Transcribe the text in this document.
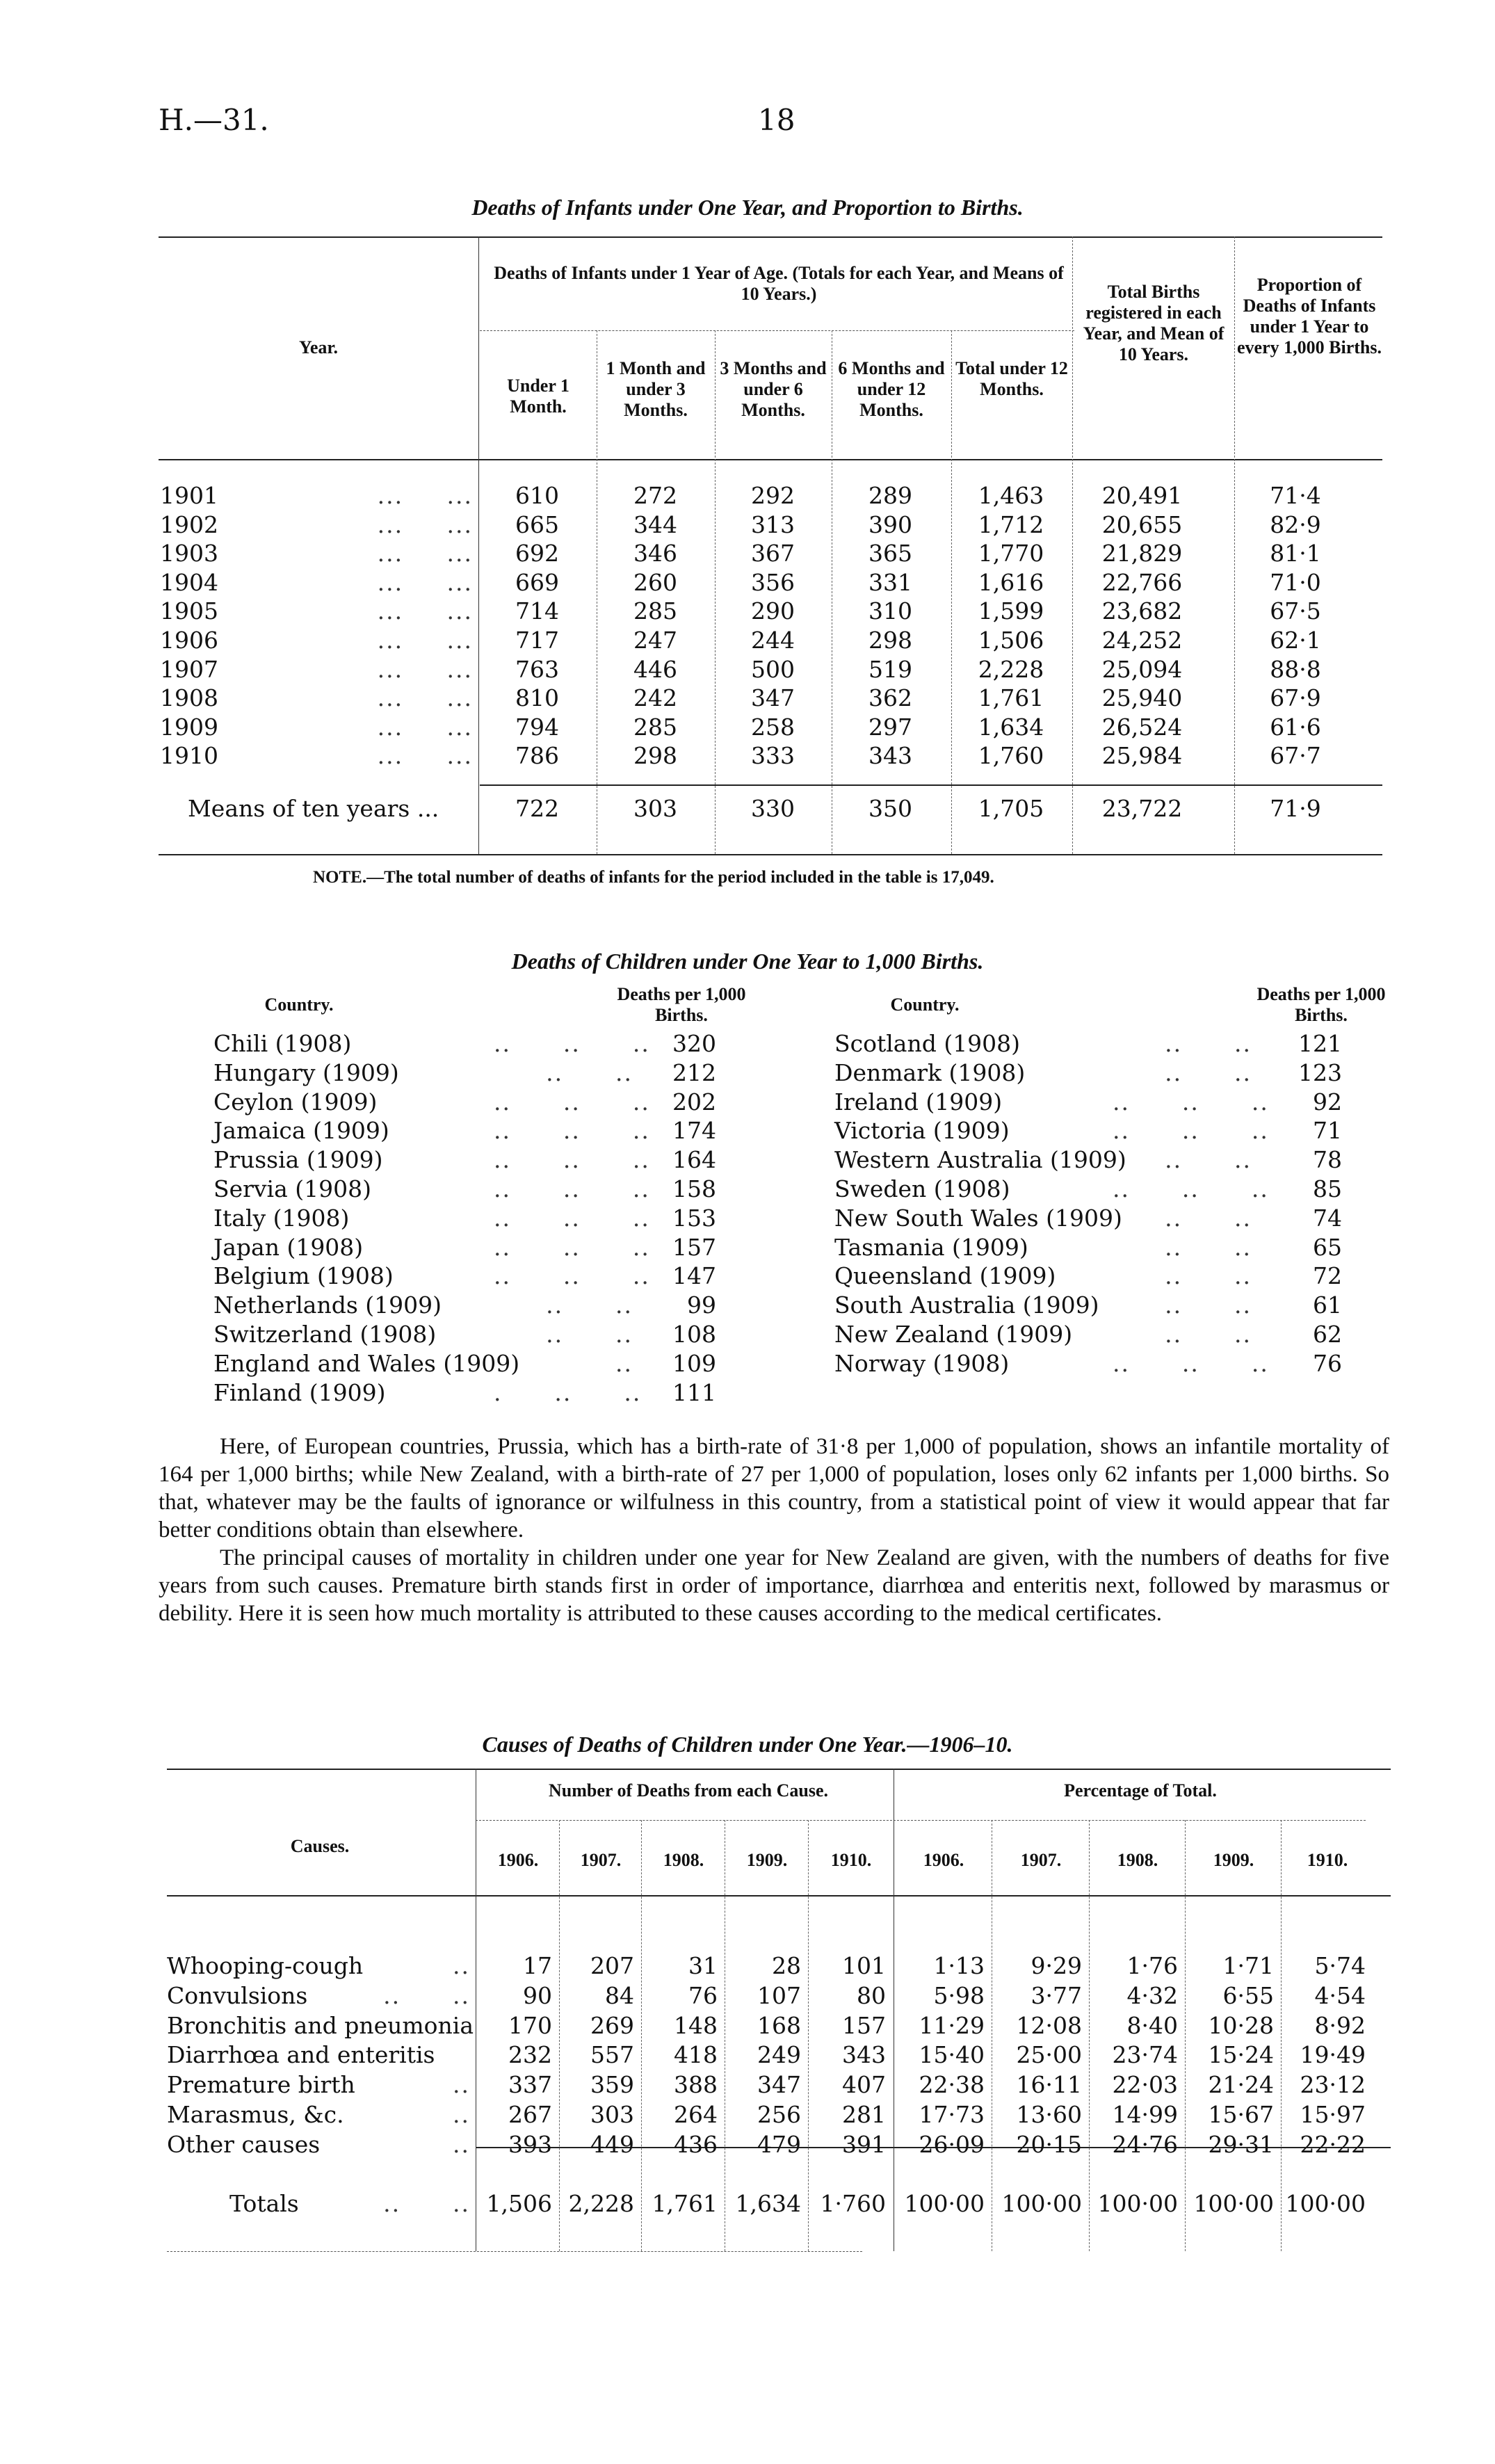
H.—31.	18
Deaths of Infants under One Year, and Proportion to Births.
Year.
Deaths of Infants under 1 Year of Age. (Totals for each Year, and Means of 10 Years.)
Under 1 Month.
1 Month and under 3 Months.
3 Months and under 6 Months.
6 Months and under 12 Months.
Total under 12 Months.
Total Births registered in each Year, and Mean of 10 Years.
Proportion of Deaths of Infants under 1 Year to every 1,000 Births.
1901	...     ...	610	272	292	289	1,463	20,491	71·4
1902	...     ...	665	344	313	390	1,712	20,655	82·9
1903	...     ...	692	346	367	365	1,770	21,829	81·1
1904	...     ...	669	260	356	331	1,616	22,766	71·0
1905	...     ...	714	285	290	310	1,599	23,682	67·5
1906	...     ...	717	247	244	298	1,506	24,252	62·1
1907	...     ...	763	446	500	519	2,228	25,094	88·8
1908	...     ...	810	242	347	362	1,761	25,940	67·9
1909	...     ...	794	285	258	297	1,634	26,524	61·6
1910	...     ...	786	298	333	343	1,760	25,984	67·7
Means of ten years ...	722	303	330	350	1,705	23,722	71·9
NOTE.—The total number of deaths of infants for the period included in the table is 17,049.
Deaths of Children under One Year to 1,000 Births.
Country.
Deaths per 1,000 Births.
Country.
Deaths per 1,000 Births.
Chili (1908)	..      ..      .. 320
Hungary (1909)	..      ..	212
Ceylon (1909)	..      ..      .. 202
Jamaica (1909)	..      ..      .. 174
Prussia (1909)	..      ..      .. 164
Servia (1908)	..      ..      .. 158
Italy (1908)	..      ..      .. 153
Japan (1908)	..      ..      .. 157
Belgium (1908)	..      ..      .. 147
Netherlands (1909)	..      ..	99
Switzerland (1908)	..      ..	108
England and Wales (1909)	..	109
Finland (1909)	.      ..      ..	111
Scotland (1908)	..      ..	121
Denmark (1908)	..      ..	123
Ireland (1909)	..      ..      ..	92
Victoria (1909)	..      ..      ..	71
Western Australia (1909)	..      ..	78
Sweden (1908)	..      ..      ..	85
New South Wales (1909)	..      ..	74
Tasmania (1909)	..      ..	65
Queensland (1909)	..      ..	72
South Australia (1909)	..      ..	61
New Zealand (1909)	..      ..	62
Norway (1908)	..      ..      ..	76

Here, of European countries, Prussia, which has a birth-rate of 31·8 per 1,000 of population, shows an infantile mortality of 164 per 1,000 births; while New Zealand, with a birth-rate of 27 per 1,000 of population, loses only 62 infants per 1,000 births. So that, whatever may be the faults of ignorance or wilfulness in this country, from a statistical point of view it would appear that far better conditions obtain than elsewhere.

The principal causes of mortality in children under one year for New Zealand are given, with the numbers of deaths for five years from such causes. Premature birth stands first in order of importance, diarrhœa and enteritis next, followed by marasmus or debility. Here it is seen how much mortality is attributed to these causes according to the medical certificates.

Causes of Deaths of Children under One Year.—1906–10.
Causes.
Number of Deaths from each Cause.	Percentage of Total.
1906.	1906.
1907.	1907.
1908.	1908.
1909.	1909.
1910.	1910.
Whooping-cough	..	17	207	31	28	101	1·13	9·29	1·76	1·71	5·74
Convulsions	..      ..	90	84	76	107	80	5·98	3·77	4·32	6·55	4·54
Bronchitis and pneumonia	170	269	148	168	157	11·29	12·08	8·40	10·28	8·92
Diarrhœa and enteritis	232	557	418	249	343	15·40	25·00	23·74	15·24	19·49
Premature birth	..	337	359	388	347	407	22·38	16·11	22·03	21·24	23·12
Marasmus, &c.	..	267	303	264	256	281	17·73	13·60	14·99	15·67	15·97
Other causes	..	393	449	436	479	391	26·09	20·15	24·76	29·31	22·22
Totals	..      .. 1,506 2,228 1,761 1,634 1·760 100·00 100·00 100·00 100·00 100·00
